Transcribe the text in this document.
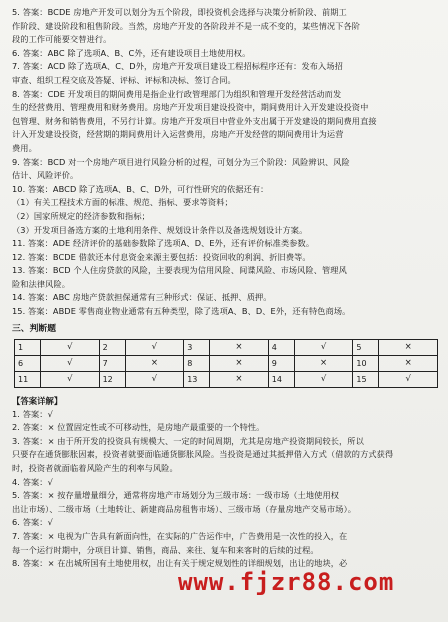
5. 答案：BCDE 房地产开发可以划分为五个阶段，即投资机会选择与决策分析阶段、前期工
作阶段、建设阶段和租售阶段。当然，房地产开发的各阶段并不是一成不变的，某些情况下各阶
段的工作可能要交替进行。
6. 答案：ABC 除了选项A、B、C外，还有建设项目土地使用权。
7. 答案：ACD 除了选项A、C、D外，房地产开发项目建设工程招标程序还有：发布入场招
审查、组织工程交底及答疑、评标、评标和决标、签订合同。
8. 答案：CDE 开发项目的期间费用是指企业行政管理部门为组织和管理开发经营活动而发
生的经营费用、管理费用和财务费用。房地产开发项目建设投资中，期间费用计入开发建设投资中
包管理、财务和销售费用，不另行计算。房地产开发项目中营业外支出属于开发建设的期间费用直接
计入开发建设投资，经营期的期间费用计入运营费用，房地产开发经营的期间费用计为运营
费用。
9. 答案：BCD 对一个房地产项目进行风险分析的过程，可划分为三个阶段：风险辨识、风险
估计、风险评价。
10. 答案：ABCD 除了选项A、B、C、D外，可行性研究的依据还有：
（1）有关工程技术方面的标准、规范、指标、要求等资料；
（2）国家所规定的经济参数和指标；
（3）开发项目备选方案的土地利用条件、规划设计条件以及备选规划设计方案。
11. 答案：ADE 经济评价的基础参数除了选项A、D、E外，还有评价标准类参数。
12. 答案：BCDE 借款还本付息资金来源主要包括：投资回收的利润、折旧费等。
13. 答案：BCD 个人住房贷款的风险，主要表现为信用风险、间谍风险、市场风险、管理风
险和法律风险。
14. 答案：ABC 房地产贷款担保通常有三种形式：保证、抵押、质押。
15. 答案：ABDE 零售商业物业通常有五种类型，除了选项A、B、D、E外，还有特色商场。
三、判断题
1	√	2	√	3	×	4	√	5	×
6	√	7	×	8	×	9	×	10	×
11	√	12	√	13	×	14	√	15	√
【答案详解】
1. 答案：√
2. 答案：× 位置固定性或不可移动性，是房地产最重要的一个特性。
3. 答案：× 由于所开发的投资具有规模大、一定的时间周期，尤其是房地产投资期间较长，所以
只要存在通货膨胀因素，投资者就要面临通货膨胀风险。当投资是通过其抵押借入方式（借款的方式获得
时，投资者就面临着风险产生的利率与风险。
4. 答案：√
5. 答案：× 按存量增量细分，通常将房地产市场划分为三级市场：一级市场（土地使用权
出让市场）、二级市场（土地转让、新建商品房租售市场）、三级市场（存量房地产交易市场）。
6. 答案：√
7. 答案：× 电视为广告具有新面向性，在实际的广告运作中，广告费用是一次性的投入，在
每一个运行时期中，分项目计算、销售，商品、来往、复车和来客时的后续的过程。
8. 答案：× 在出城所国有土地使用权，出让有关于规定规划性的详细规划，出让的地块，必
www.fjzr88.com
